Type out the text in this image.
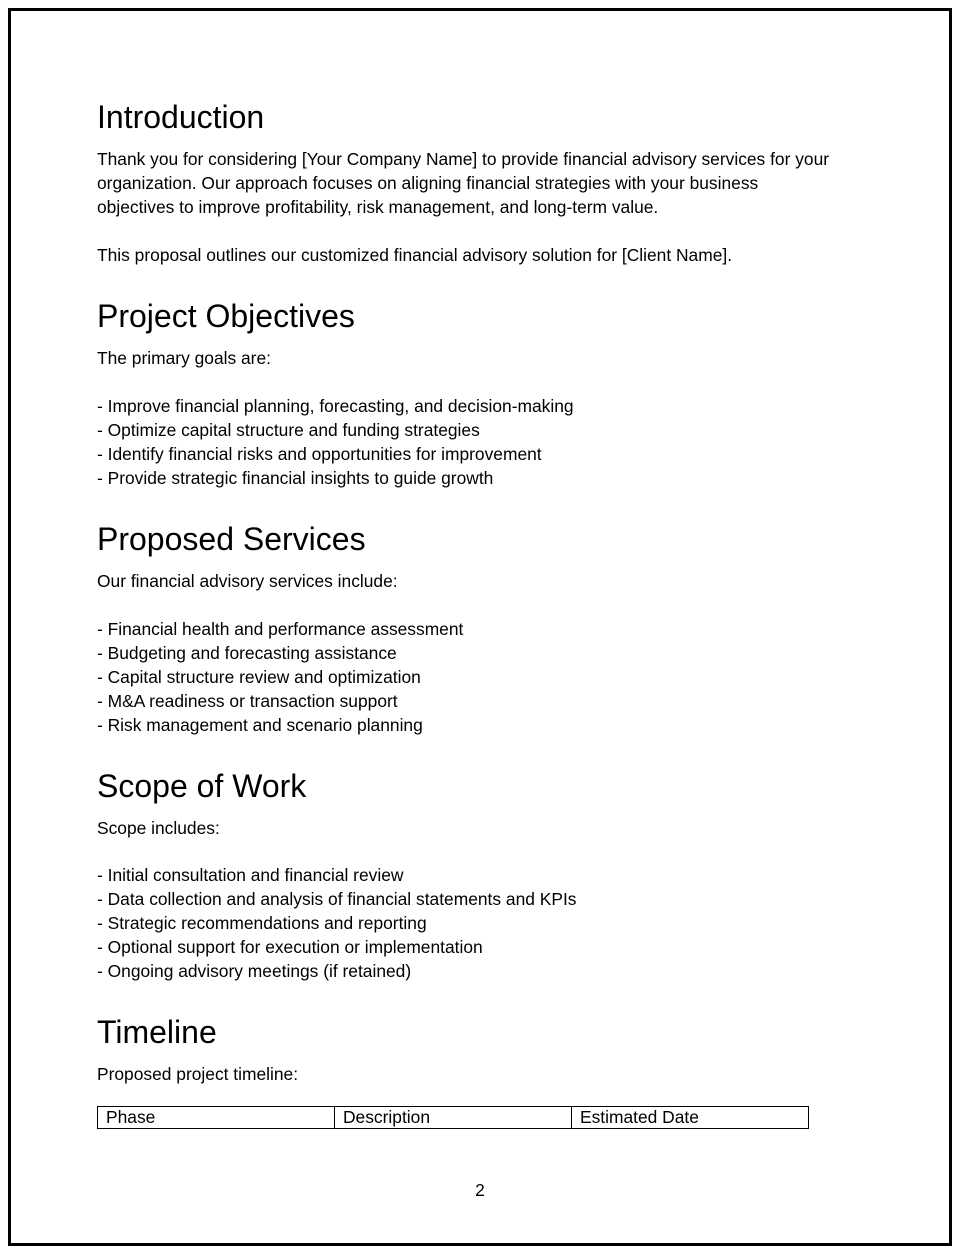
Introduction

Thank you for considering [Your Company Name] to provide financial advisory services for your
organization. Our approach focuses on aligning financial strategies with your business
objectives to improve profitability, risk management, and long-term value.

This proposal outlines our customized financial advisory solution for [Client Name].

Project Objectives

The primary goals are:

- Improve financial planning, forecasting, and decision-making
- Optimize capital structure and funding strategies
- Identify financial risks and opportunities for improvement
- Provide strategic financial insights to guide growth
Proposed Services

Our financial advisory services include:

- Financial health and performance assessment
- Budgeting and forecasting assistance
- Capital structure review and optimization
- M&A readiness or transaction support
- Risk management and scenario planning
Scope of Work

Scope includes:

- Initial consultation and financial review
- Data collection and analysis of financial statements and KPIs
- Strategic recommendations and reporting
- Optional support for execution or implementation
- Ongoing advisory meetings (if retained)
Timeline

Proposed project timeline:

Phase	Description	Estimated Date
2
